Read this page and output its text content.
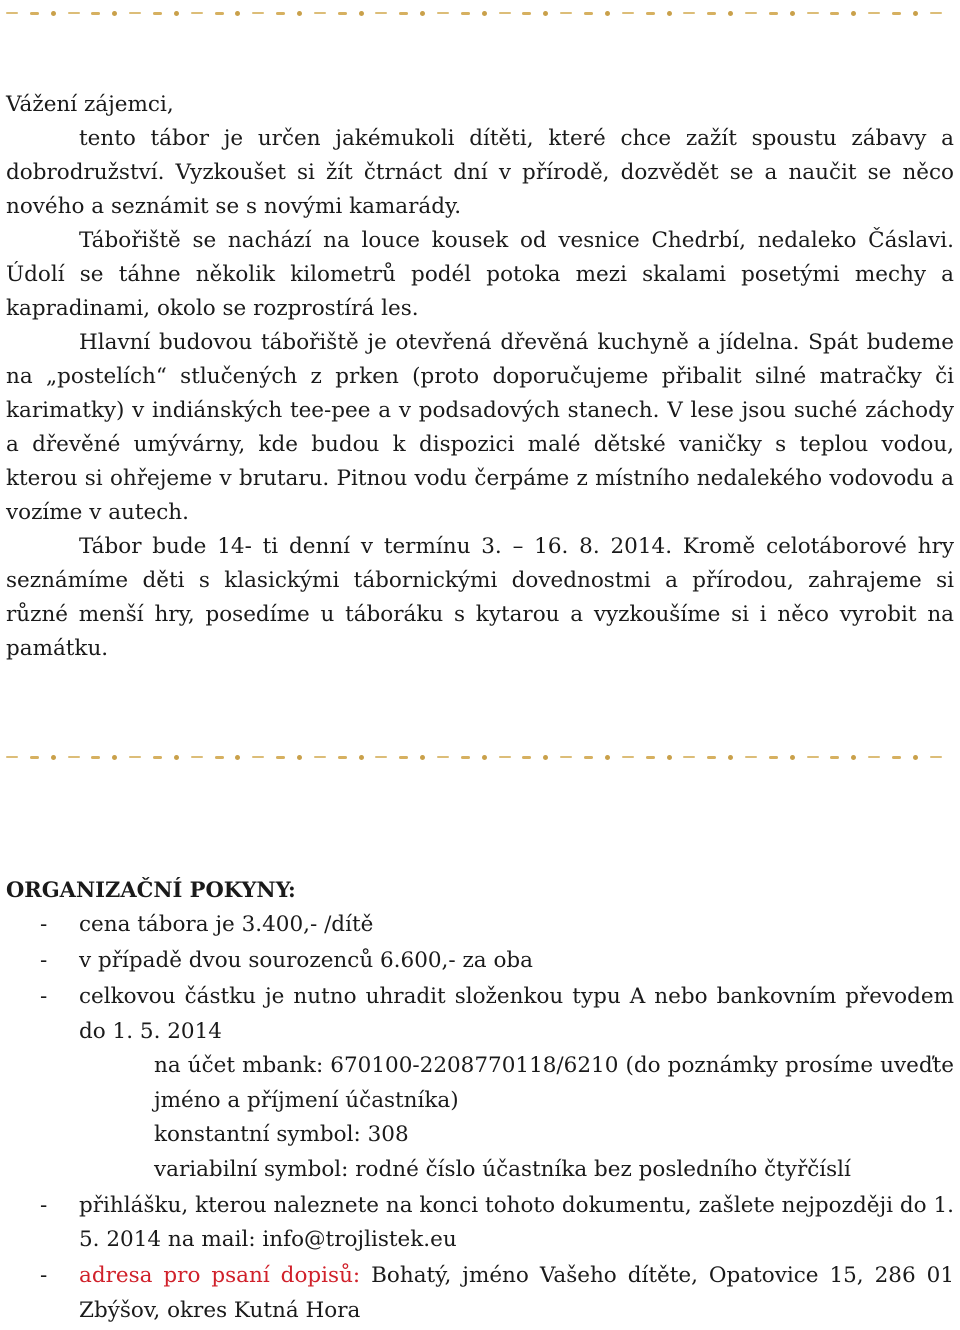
Vážení zájemci,

tento tábor je určen jakémukoli dítěti, které chce zažít spoustu zábavy a dobrodružství. Vyzkoušet si žít čtrnáct dní v přírodě, dozvědět se a naučit se něco nového a seznámit se s novými kamarády.

Tábořiště se nachází na louce kousek od vesnice Chedrbí, nedaleko Čáslavi. Údolí se táhne několik kilometrů podél potoka mezi skalami posetými mechy a kapradinami, okolo se rozprostírá les.

Hlavní budovou tábořiště je otevřená dřevěná kuchyně a jídelna. Spát budeme na „postelích“ stlučených z prken (proto doporučujeme přibalit silné matračky či karimatky) v indiánských tee-pee a v podsadových stanech. V lese jsou suché záchody a dřevěné umývárny, kde budou k dispozici malé dětské vaničky s teplou vodou, kterou si ohřejeme v brutaru. Pitnou vodu čerpáme z místního nedalekého vodovodu a vozíme v autech.

Tábor bude 14- ti denní v termínu 3. – 16. 8. 2014. Kromě celotáborové hry seznámíme děti s klasickými tábornickými dovednostmi a přírodou, zahrajeme si různé menší hry, posedíme u táboráku s kytarou a vyzkoušíme si i něco vyrobit na památku.

ORGANIZAČNÍ POKYNY:
- cena tábora je 3.400,- /dítě
- v případě dvou sourozenců 6.600,- za oba
- celkovou částku je nutno uhradit složenkou typu A nebo bankovním převodem do 1. 5. 2014
na účet mbank: 670100-2208770118/6210 (do poznámky prosíme uveďte jméno a příjmení účastníka)
konstantní symbol: 308
variabilní symbol: rodné číslo účastníka bez posledního čtyřčíslí
- přihlášku, kterou naleznete na konci tohoto dokumentu, zašlete nejpozději do 1. 5. 2014 na mail: info@trojlistek.eu
- adresa pro psaní dopisů: Bohatý, jméno Vašeho dítěte, Opatovice 15, 286 01 Zbýšov, okres Kutná Hora
